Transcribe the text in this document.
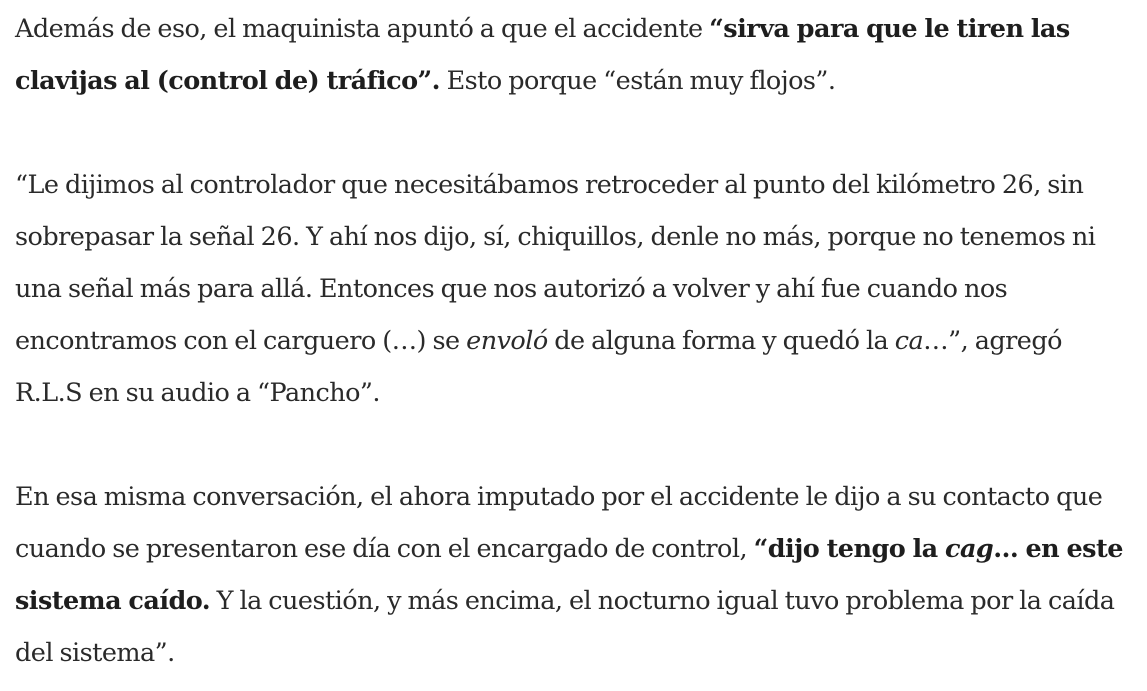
Además de eso, el maquinista apuntó a que el accidente “sirva para que le tiren las clavijas al (control de) tráfico”. Esto porque “están muy flojos”.

“Le dijimos al controlador que necesitábamos retroceder al punto del kilómetro 26, sin sobrepasar la señal 26. Y ahí nos dijo, sí, chiquillos, denle no más, porque no tenemos ni una señal más para allá. Entonces que nos autorizó a volver y ahí fue cuando nos encontramos con el carguero (…) se envoló de alguna forma y quedó la ca…”, agregó R.L.S en su audio a “Pancho”.

En esa misma conversación, el ahora imputado por el accidente le dijo a su contacto que cuando se presentaron ese día con el encargado de control, “dijo tengo la cag… en este sistema caído. Y la cuestión, y más encima, el nocturno igual tuvo problema por la caída del sistema”.
